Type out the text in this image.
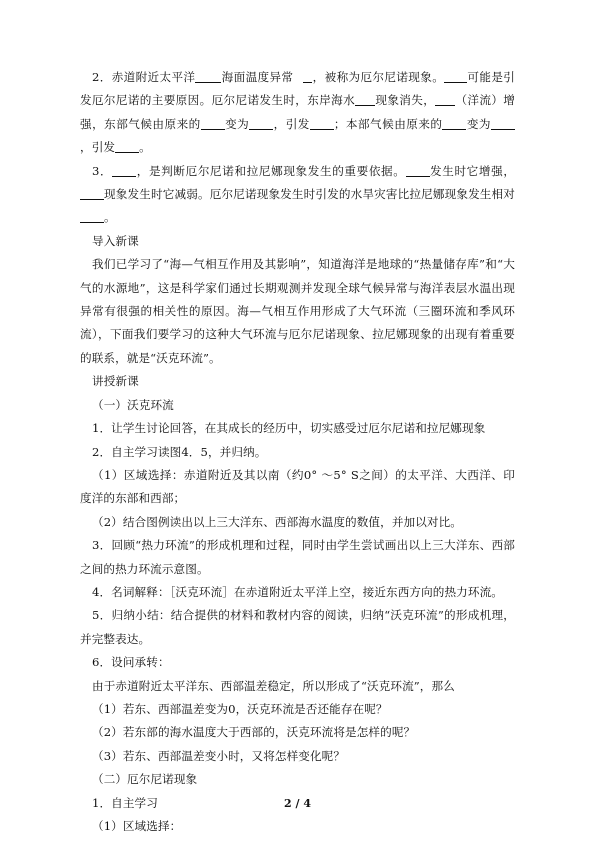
2．赤道附近太平洋 海面温度异常 ，被称为厄尔尼诺现象。 可能是引发厄尔尼诺的主要原因。厄尔尼诺发生时，东岸海水 现象消失， （洋流）增强，东部气候由原来的 变为 ，引发 ；本部气候由原来的 变为，引发 。

3． ，是判断厄尔尼诺和拉尼娜现象发生的重要依据。 发生时它增强，现象发生时它减弱。厄尔尼诺现象发生时引发的水旱灾害比拉尼娜现象发生相对。

导入新课

我们已学习了“海—气相互作用及其影响”，知道海洋是地球的“热量储存库”和“大气的水源地”，这是科学家们通过长期观测并发现全球气候异常与海洋表层水温出现异常有很强的相关性的原因。海—气相互作用形成了大气环流（三圈环流和季风环流），下面我们要学习的这种大气环流与厄尔尼诺现象、拉尼娜现象的出现有着重要的联系，就是“沃克环流”。

讲授新课

（一）沃克环流

1．让学生讨论回答，在其成长的经历中，切实感受过厄尔尼诺和拉尼娜现象

2．自主学习读图4．5，并归纳。

（1）区域选择：赤道附近及其以南（约0° ～5° S之间）的太平洋、大西洋、印度洋的东部和西部；

（2）结合图例读出以上三大洋东、西部海水温度的数值，并加以对比。

3．回顾“热力环流”的形成机理和过程，同时由学生尝试画出以上三大洋东、西部之间的热力环流示意图。

4．名词解释：［沃克环流］在赤道附近太平洋上空，接近东西方向的热力环流。

5．归纳小结：结合提供的材料和教材内容的阅读，归纳“沃克环流”的形成机理，并完整表达。

6．设问承转：

由于赤道附近太平洋东、西部温差稳定，所以形成了“沃克环流”，那么

（1）若东、西部温差变为0，沃克环流是否还能存在呢？

（2）若东部的海水温度大于西部的，沃克环流将是怎样的呢？

（3）若东、西部温差变小时，又将怎样变化呢？

（二）厄尔尼诺现象

1．自主学习

（1）区域选择：

2 / 4
